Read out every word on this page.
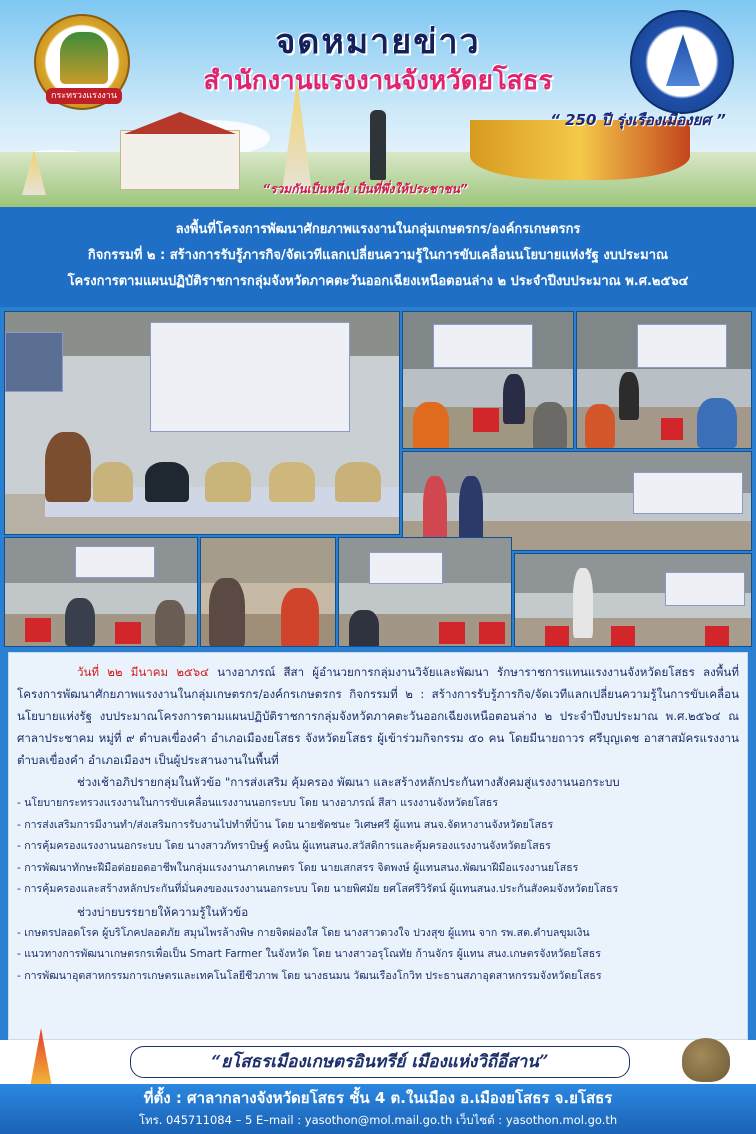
กระทรวงแรงงาน
จดหมายข่าว
สำนักงานแรงงานจังหวัดยโสธร
“ 250 ปี รุ่งเรืองเมืองยศ ”
“รวมกันเป็นหนึ่ง เป็นที่พึ่งให้ประชาชน”
ลงพื้นที่โครงการพัฒนาศักยภาพแรงงานในกลุ่มเกษตรกร/องค์กรเกษตรกร
กิจกรรมที่ ๒ : สร้างการรับรู้ภารกิจ/จัดเวทีแลกเปลี่ยนความรู้ในการขับเคลื่อนนโยบายแห่งรัฐ งบประมาณ
โครงการตามแผนปฏิบัติราชการกลุ่มจังหวัดภาคตะวันออกเฉียงเหนือตอนล่าง ๒ ประจำปีงบประมาณ พ.ศ.๒๕๖๔

วันที่ ๒๒ มีนาคม ๒๕๖๔ นางอาภรณ์ สีสา ผู้อำนวยการกลุ่มงานวิจัยและพัฒนา รักษาราชการแทนแรงงานจังหวัดยโสธร ลงพื้นที่โครงการพัฒนาศักยภาพแรงงานในกลุ่มเกษตรกร/องค์กรเกษตรกร กิจกรรมที่ ๒ : สร้างการรับรู้ภารกิจ/จัดเวทีแลกเปลี่ยนความรู้ในการขับเคลื่อนนโยบายแห่งรัฐ งบประมาณโครงการตามแผนปฏิบัติราชการกลุ่มจังหวัดภาคตะวันออกเฉียงเหนือตอนล่าง ๒ ประจำปีงบประมาณ พ.ศ.๒๕๖๔ ณ ศาลาประชาคม หมู่ที่ ๙ ตำบลเขื่องคำ อำเภอเมืองยโสธร จังหวัดยโสธร ผู้เข้าร่วมกิจกรรม ๕๐ คน โดยมีนายถาวร ศรีบุญเดช อาสาสมัครแรงงานตำบลเขื่องคำ อำเภอเมืองฯ เป็นผู้ประสานงานในพื้นที่

ช่วงเช้าอภิปรายกลุ่มในหัวข้อ "การส่งเสริม คุ้มครอง พัฒนา และสร้างหลักประกันทางสังคมสู่แรงงานนอกระบบ

- นโยบายกระทรวงแรงงานในการขับเคลื่อนแรงงานนอกระบบ โดย นางอาภรณ์ สีสา แรงงานจังหวัดยโสธร

- การส่งเสริมการมีงานทำ/ส่งเสริมการรับงานไปทำที่บ้าน โดย นายชัดชนะ วิเศษศรี ผู้แทน สนจ.จัดหางานจังหวัดยโสธร

- การคุ้มครองแรงงานนอกระบบ โดย นางสาวภัทราบิษฐ์ คงนิน ผู้แทนสนง.สวัสดิการและคุ้มครองแรงงานจังหวัดยโสธร

- การพัฒนาทักษะฝีมือต่อยอดอาชีพในกลุ่มแรงงานภาคเกษตร โดย นายเสกสรร จิตพงษ์ ผู้แทนสนง.พัฒนาฝีมือแรงงานยโสธร

- การคุ้มครองและสร้างหลักประกันที่มั่นคงของแรงงานนอกระบบ โดย นายพิศมัย ยศโสศรีวิรัตน์ ผู้แทนสนง.ประกันสังคมจังหวัดยโสธร

ช่วงบ่ายบรรยายให้ความรู้ในหัวข้อ

- เกษตรปลอดโรค ผู้บริโภคปลอดภัย สมุนไพรล้างพิษ กายจิตผ่องใส โดย นางสาวดวงใจ ปวงสุข ผู้แทน จาก รพ.สต.ตำบลขุมเงิน

- แนวทางการพัฒนาเกษตรกรเพื่อเป็น Smart Farmer ในจังหวัด โดย นางสาวอรุโณทัย ก้านจักร ผู้แทน สนง.เกษตรจังหวัดยโสธร

- การพัฒนาอุตสาหกรรมการเกษตรและเทคโนโลยีชีวภาพ โดย นางธนมน วัฒนเรืองโกวิท ประธานสภาอุตสาหกรรมจังหวัดยโสธร

“ยโสธรเมืองเกษตรอินทรีย์ เมืองแห่งวิถีอีสาน”
ที่ตั้ง : ศาลากลางจังหวัดยโสธร ชั้น 4 ต.ในเมือง อ.เมืองยโสธร จ.ยโสธร
โทร. 045711084 – 5 E–mail : yasothon@mol.mail.go.th เว็บไซต์ : yasothon.mol.go.th
